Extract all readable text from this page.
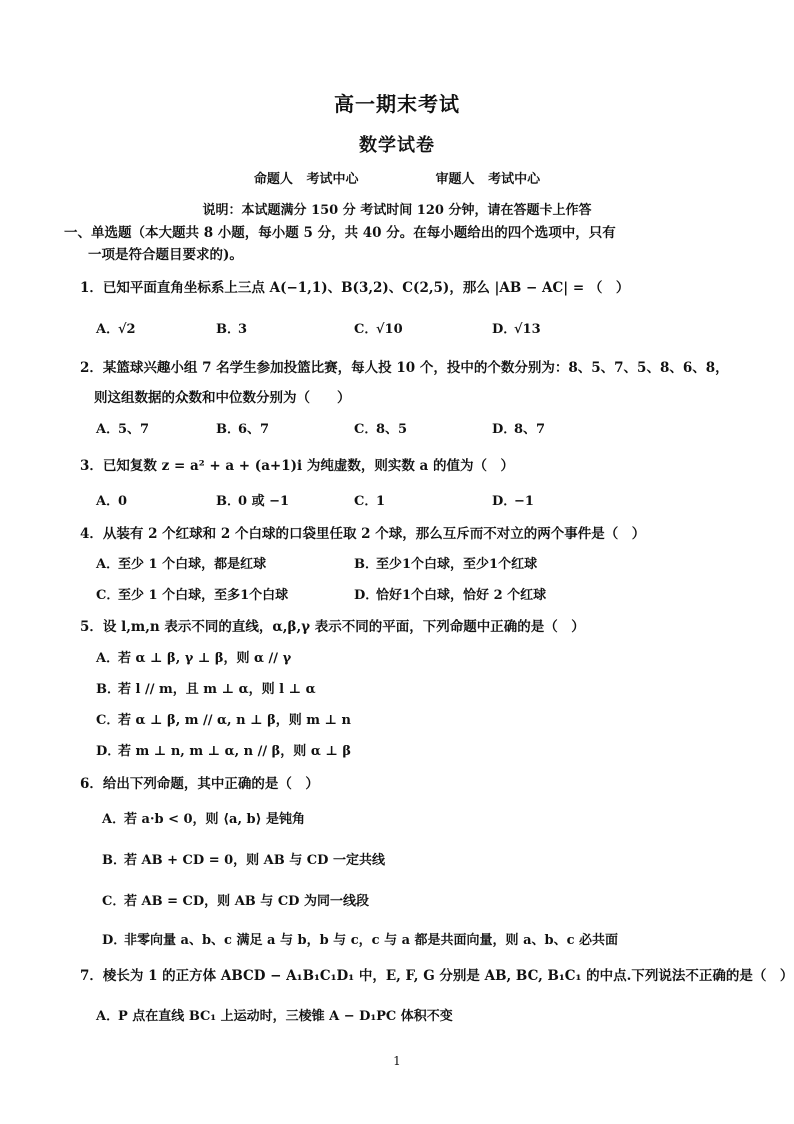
高一期末考试
数学试卷
命题人 考试中心	审题人 考试中心
说明：本试题满分 150 分 考试时间 120 分钟，请在答题卡上作答
一、单选题（本大题共 8 小题，每小题 5 分，共 40 分。在每小题给出的四个选项中，只有
一项是符合题目要求的)。
1．已知平面直角坐标系上三点 A(−1,1)、B(3,2)、C(2,5)，那么 |AB − AC| = （　）
A．√2	B．3	C．√10	D．√13
2．某篮球兴趣小组 7 名学生参加投篮比赛，每人投 10 个，投中的个数分别为：8、5、7、5、8、6、8，
则这组数据的众数和中位数分别为（　　）
A．5、7	B．6、7	C．8、5	D．8、7
3．已知复数 z = a² + a + (a+1)i 为纯虚数，则实数 a 的值为（　）
A．0	B．0 或 −1	C．1	D．−1
4．从装有 2 个红球和 2 个白球的口袋里任取 2 个球，那么互斥而不对立的两个事件是（　）
A．至少 1 个白球，都是红球	B．至少1个白球，至少1个红球
C．至少 1 个白球，至多1个白球	D．恰好1个白球，恰好 2 个红球
5．设 l,m,n 表示不同的直线，α,β,γ 表示不同的平面，下列命题中正确的是（　）
A．若 α ⊥ β, γ ⊥ β，则 α // γ
B．若 l // m，且 m ⊥ α，则 l ⊥ α
C．若 α ⊥ β, m // α, n ⊥ β，则 m ⊥ n
D．若 m ⊥ n, m ⊥ α, n // β，则 α ⊥ β
6．给出下列命题，其中正确的是（　）
A．若 a·b < 0，则 ⟨a, b⟩ 是钝角
B．若 AB + CD = 0，则 AB 与 CD 一定共线
C．若 AB = CD，则 AB 与 CD 为同一线段
D．非零向量 a、b、c 满足 a 与 b，b 与 c，c 与 a 都是共面向量，则 a、b、c 必共面
7．棱长为 1 的正方体 ABCD − A₁B₁C₁D₁ 中，E, F, G 分别是 AB, BC, B₁C₁ 的中点.下列说法不正确的是（　）
A．P 点在直线 BC₁ 上运动时，三棱锥 A − D₁PC 体积不变
1
